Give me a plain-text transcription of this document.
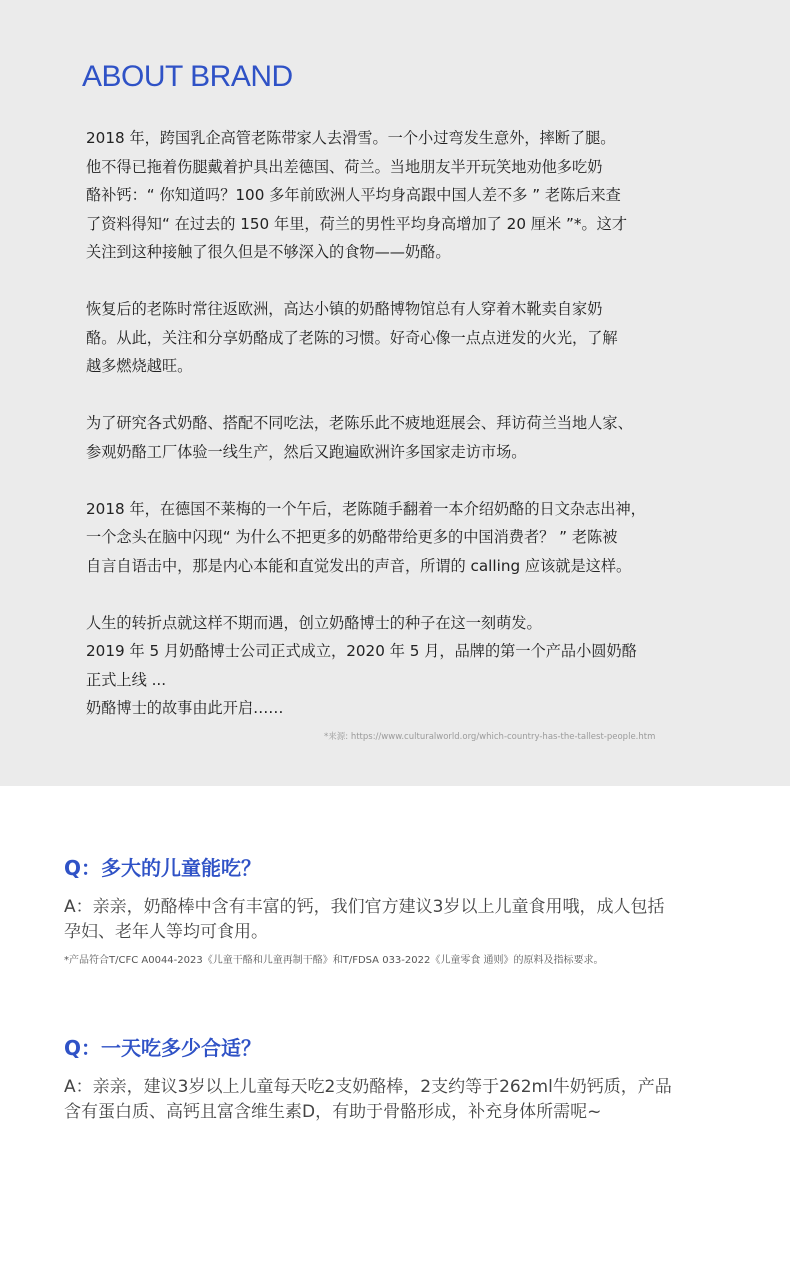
ABOUT BRAND

2018 年，跨国乳企高管老陈带家人去滑雪。一个小过弯发生意外，摔断了腿。
他不得已拖着伤腿戴着护具出差德国、荷兰。当地朋友半开玩笑地劝他多吃奶
酪补钙：“ 你知道吗？100 多年前欧洲人平均身高跟中国人差不多 ” 老陈后来查
了资料得知“ 在过去的 150 年里，荷兰的男性平均身高增加了 20 厘米 ”*。这才
关注到这种接触了很久但是不够深入的食物——奶酪。

恢复后的老陈时常往返欧洲，高达小镇的奶酪博物馆总有人穿着木靴卖自家奶
酪。从此，关注和分享奶酪成了老陈的习惯。好奇心像一点点迸发的火光，了解
越多燃烧越旺。

为了研究各式奶酪、搭配不同吃法，老陈乐此不疲地逛展会、拜访荷兰当地人家、
参观奶酪工厂体验一线生产，然后又跑遍欧洲许多国家走访市场。

2018 年，在德国不莱梅的一个午后，老陈随手翻着一本介绍奶酪的日文杂志出神，
一个念头在脑中闪现“ 为什么不把更多的奶酪带给更多的中国消费者？ ” 老陈被
自言自语击中，那是内心本能和直觉发出的声音，所谓的 calling 应该就是这样。

人生的转折点就这样不期而遇，创立奶酪博士的种子在这一刻萌发。
2019 年 5 月奶酪博士公司正式成立，2020 年 5 月，品牌的第一个产品小圆奶酪
正式上线 ...
奶酪博士的故事由此开启……

*来源: https://www.culturalworld.org/which-country-has-the-tallest-people.htm
Q：多大的儿童能吃？

A：亲亲，奶酪棒中含有丰富的钙，我们官方建议3岁以上儿童食用哦，成人包括
孕妇、老年人等均可食用。

*产品符合T/CFC A0044-2023《儿童干酪和儿童再制干酪》和T/FDSA 033-2022《儿童零食 通则》的原料及指标要求。

Q：一天吃多少合适？

A：亲亲，建议3岁以上儿童每天吃2支奶酪棒，2支约等于262ml牛奶钙质，产品
含有蛋白质、高钙且富含维生素D，有助于骨骼形成，补充身体所需呢~
